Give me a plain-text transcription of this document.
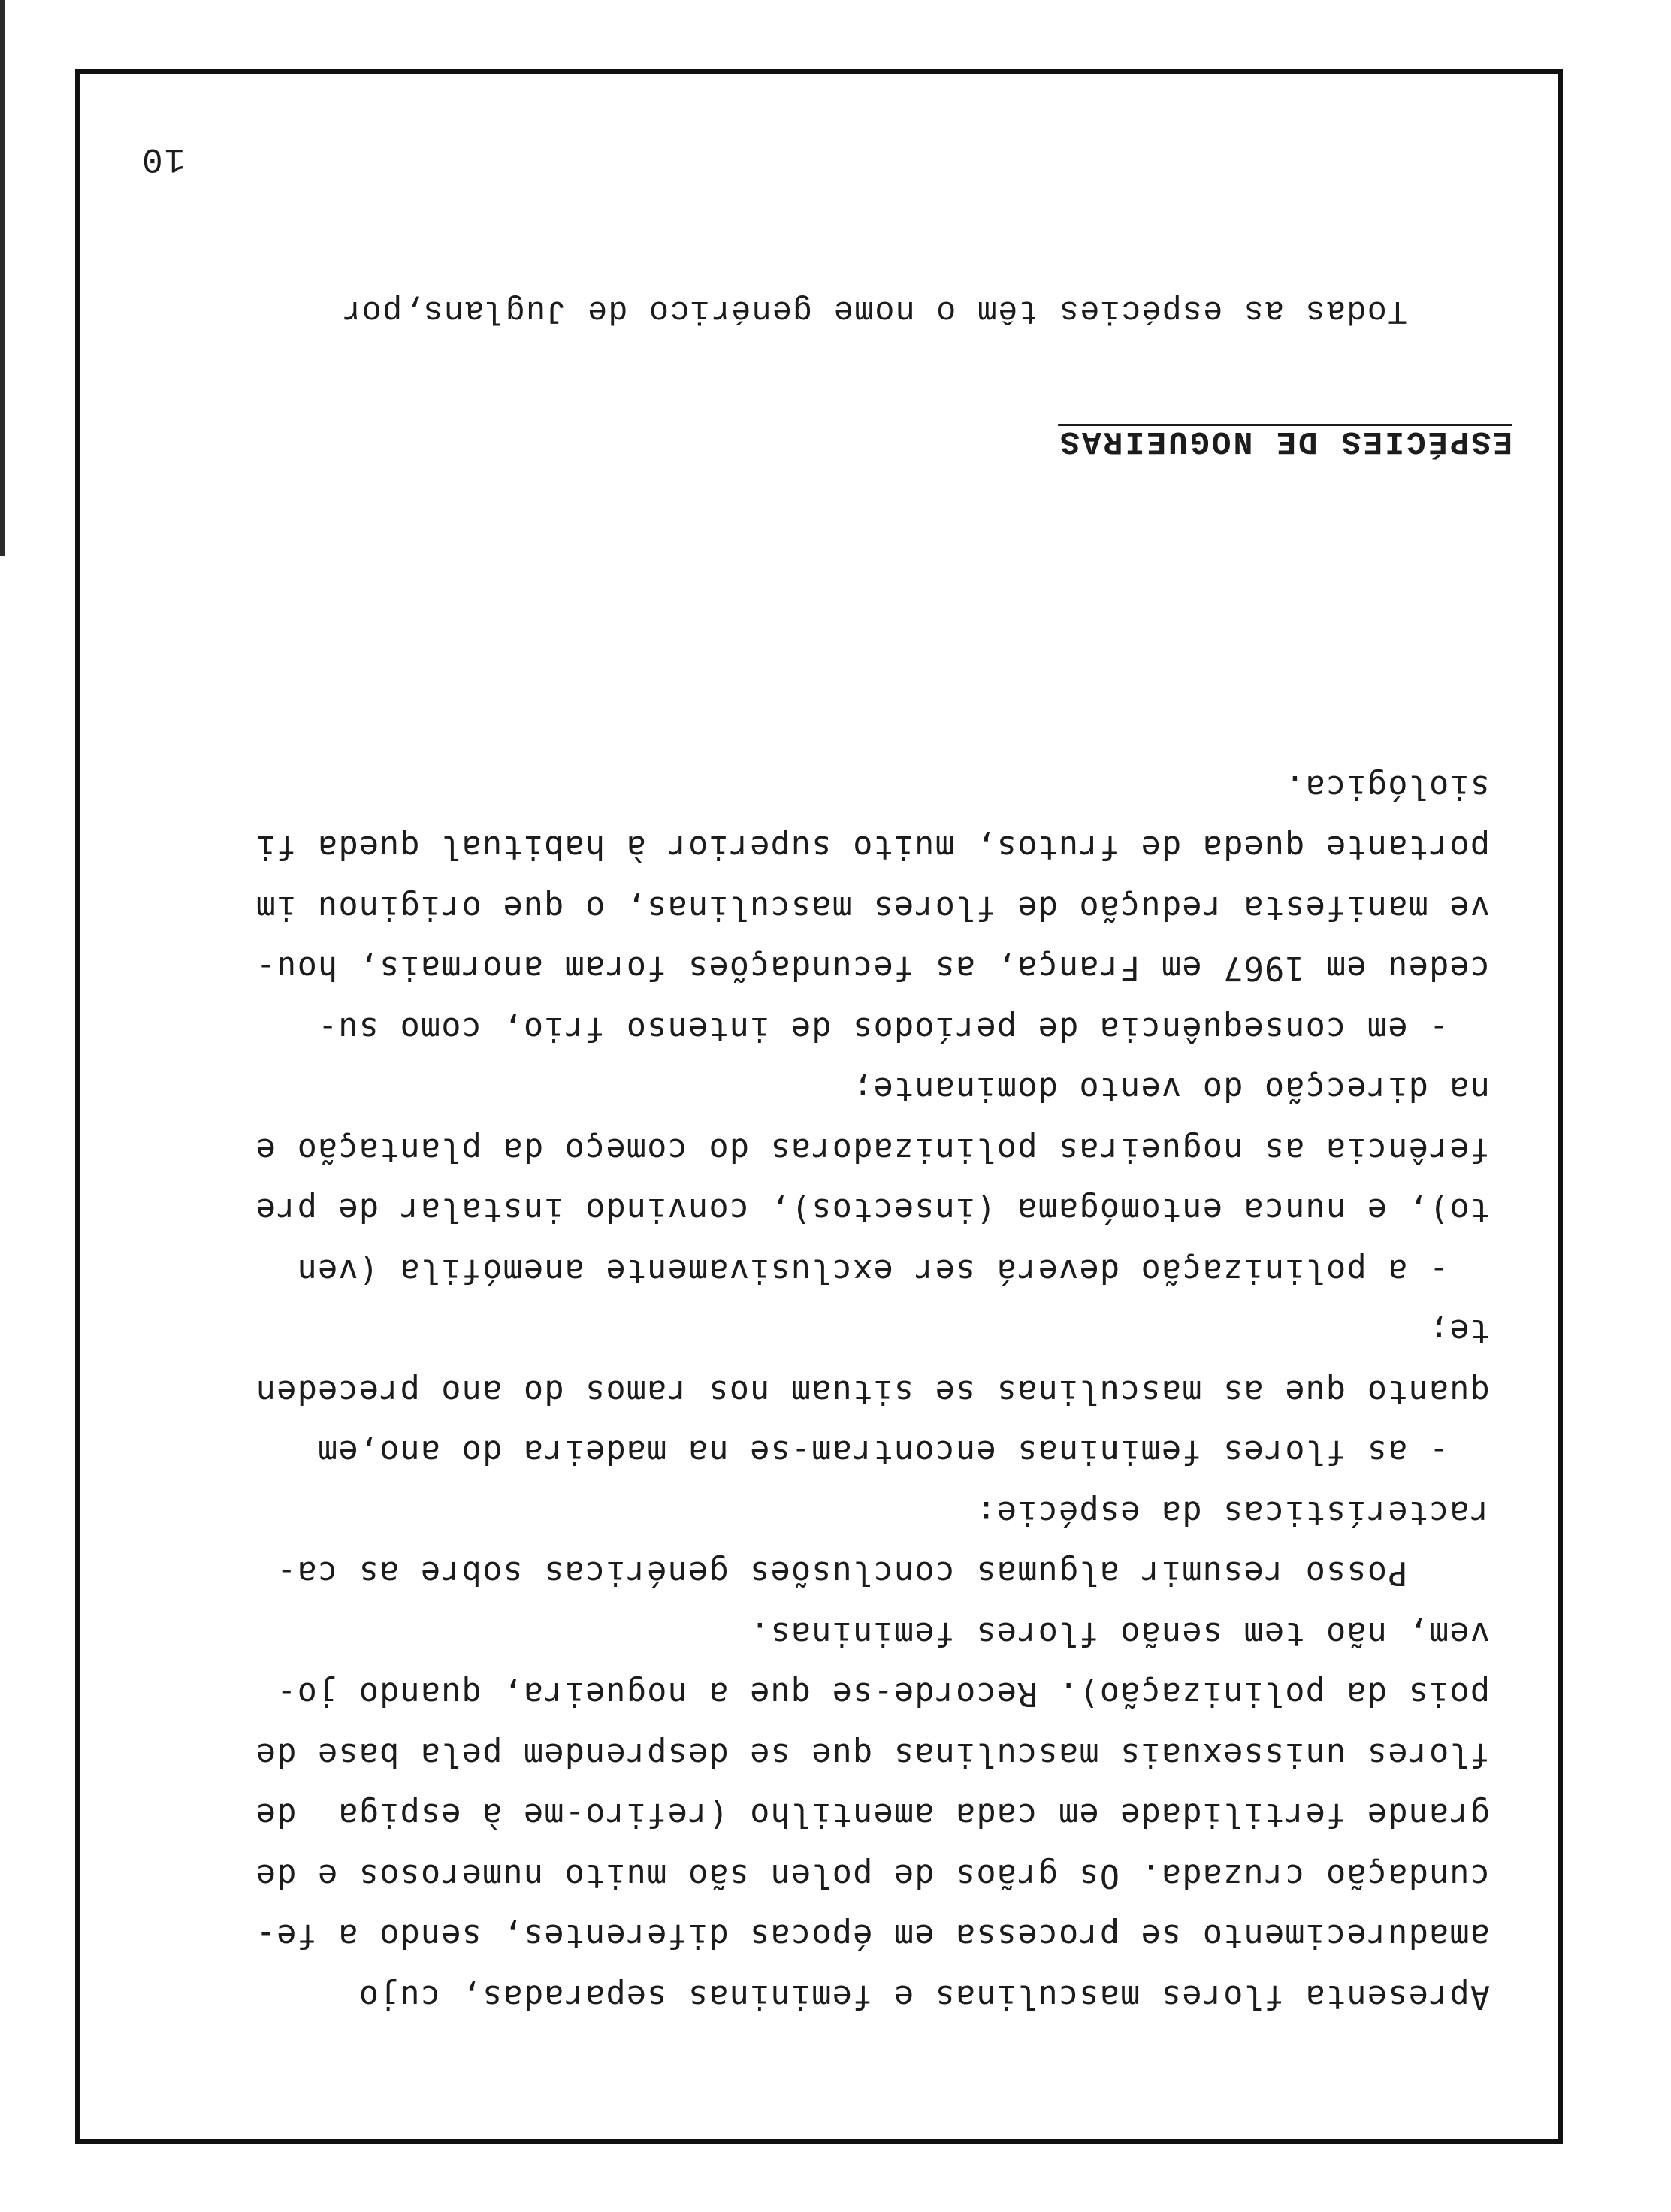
10
Apresenta flores masculinas e femininas separadas, cujo
amadurecimento se processa em épocas diferentes, sendo a fe-
cundação cruzada. Os grãos de polen são muito numerosos e de
grande fertilidade em cada amentilho (refiro-me à espiga  de
flores unissexuais masculinas que se desprendem pela base de
pois da polinização). Recorde-se que a nogueira, quando jo-
vem, não tem senão flores femininas.
Posso resumir algumas conclusões genéricas sobre as ca-
racterísticas da espécie:
- as flores femininas encontram-se na madeira do ano,em
quanto que as masculinas se situam nos ramos do ano preceden
te;
- a polinização deverá ser exclusivamente anemófila (ven
to), e nunca entomógama (insectos), convindo instalar de pre
ferência as nogueiras polinizadoras do começo da plantação e
na direcção do vento dominante;
- em consequência de períodos de intenso frio, como su-
cedeu em 1967 em França, as fecundações foram anormais, hou-
ve manifesta redução de flores masculinas, o que originou im
portante queda de frutos, muito superior à habitual queda fi
siológica.
ESPÉCIES DE NOGUEIRAS
Todas as espécies têm o nome genérico de Juglans,por
